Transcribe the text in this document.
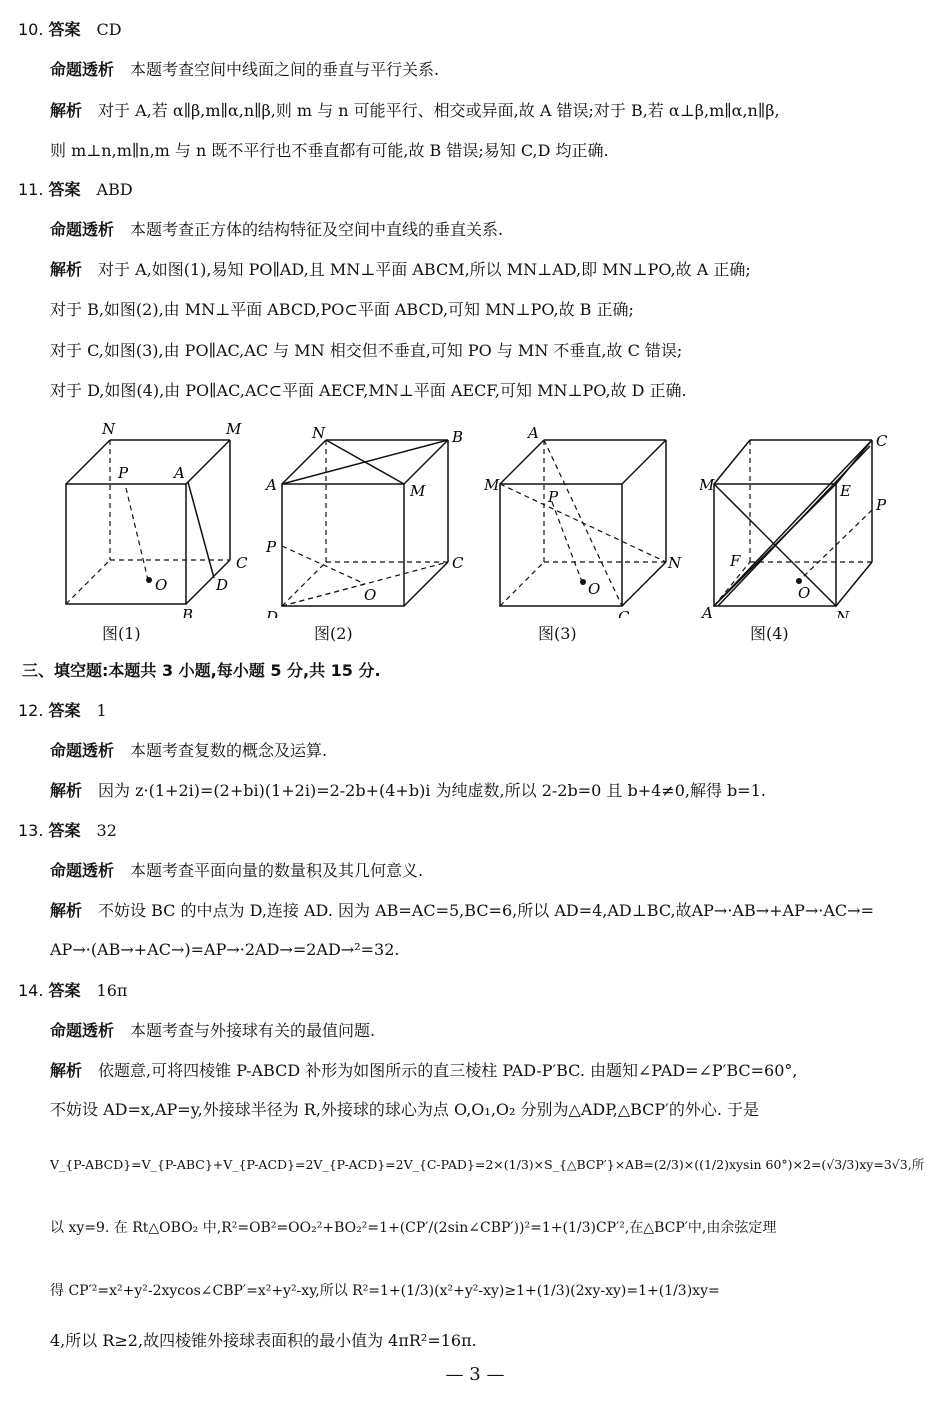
10. 答案 CD
命题透析 本题考查空间中线面之间的垂直与平行关系.
解析 对于 A,若 α∥β,m∥α,n∥β,则 m 与 n 可能平行、相交或异面,故 A 错误;对于 B,若 α⊥β,m∥α,n∥β,
则 m⊥n,m∥n,m 与 n 既不平行也不垂直都有可能,故 B 错误;易知 C,D 均正确.
11. 答案 ABD
命题透析 本题考查正方体的结构特征及空间中直线的垂直关系.
解析 对于 A,如图(1),易知 PO∥AD,且 MN⊥平面 ABCM,所以 MN⊥AD,即 MN⊥PO,故 A 正确;
对于 B,如图(2),由 MN⊥平面 ABCD,PO⊂平面 ABCD,可知 MN⊥PO,故 B 正确;
对于 C,如图(3),由 PO∥AC,AC 与 MN 相交但不垂直,可知 PO 与 MN 不垂直,故 C 错误;
对于 D,如图(4),由 PO∥AC,AC⊂平面 AECF,MN⊥平面 AECF,可知 MN⊥PO,故 D 正确.
N	M
P	A
C
D
O
B
图(1)
N	B
A	M
P
C
O
D
图(2)
A
M
P
N
O
C
图(3)
C
M	E
P
F
O
A	N
图(4)
三、填空题:本题共 3 小题,每小题 5 分,共 15 分.
12. 答案 1
命题透析 本题考查复数的概念及运算.
解析 因为 z·(1+2i)=(2+bi)(1+2i)=2-2b+(4+b)i 为纯虚数,所以 2-2b=0 且 b+4≠0,解得 b=1.
13. 答案 32
命题透析 本题考查平面向量的数量积及其几何意义.
解析 不妨设 BC 的中点为 D,连接 AD. 因为 AB=AC=5,BC=6,所以 AD=4,AD⊥BC,故AP→·AB→+AP→·AC→=
AP→·(AB→+AC→)=AP→·2AD→=2AD→²=32.
14. 答案 16π
命题透析 本题考查与外接球有关的最值问题.
解析 依题意,可将四棱锥 P-ABCD 补形为如图所示的直三棱柱 PAD-P′BC. 由题知∠PAD=∠P′BC=60°,
不妨设 AD=x,AP=y,外接球半径为 R,外接球的球心为点 O,O₁,O₂ 分别为△ADP,△BCP′的外心. 于是
V_{P-ABCD}=V_{P-ABC}+V_{P-ACD}=2V_{P-ACD}=2V_{C-PAD}=2×(1/3)×S_{△BCP′}×AB=(2/3)×((1/2)xysin 60°)×2=(√3/3)xy=3√3,所
以 xy=9. 在 Rt△OBO₂ 中,R²=OB²=OO₂²+BO₂²=1+(CP′/(2sin∠CBP′))²=1+(1/3)CP′²,在△BCP′中,由余弦定理
得 CP′²=x²+y²-2xycos∠CBP′=x²+y²-xy,所以 R²=1+(1/3)(x²+y²-xy)≥1+(1/3)(2xy-xy)=1+(1/3)xy=
4,所以 R≥2,故四棱锥外接球表面积的最小值为 4πR²=16π.
— 3 —
